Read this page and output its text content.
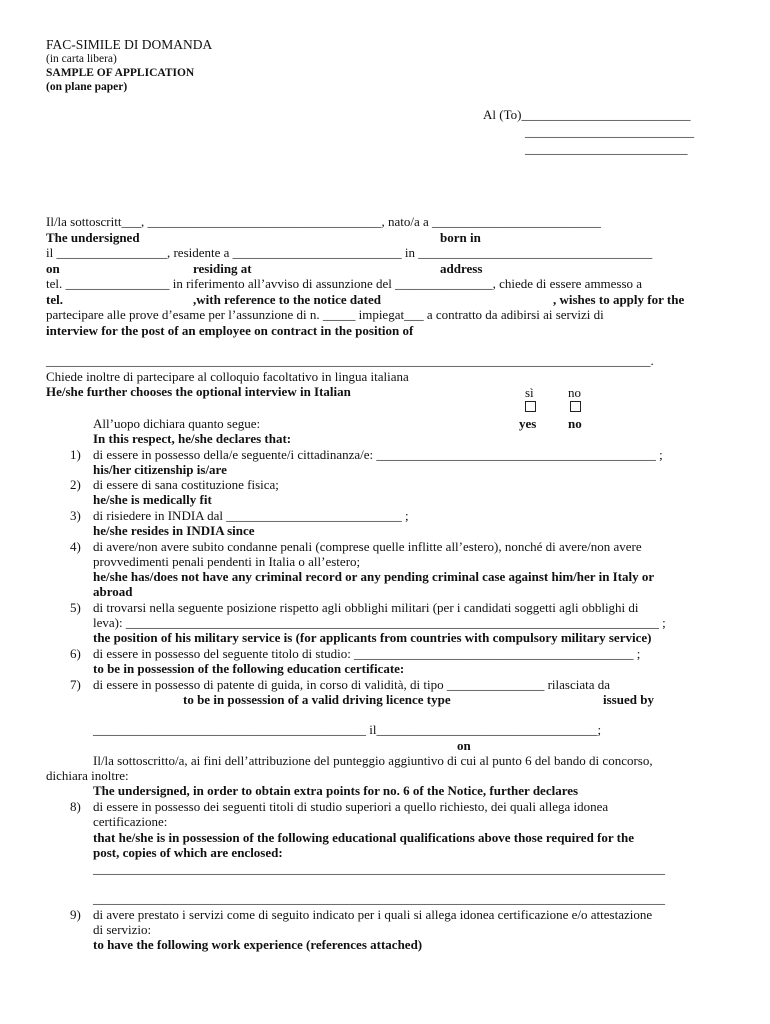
FAC-SIMILE DI DOMANDA
(in carta libera)
SAMPLE OF APPLICATION
(on plane paper)
Al (To)__________________________
__________________________
_________________________
Il/la sottoscritt___, ____________________________________, nato/a a __________________________
The undersigned	born in
il _________________, residente a __________________________ in ____________________________________
on	residing at	address
tel. ________________ in riferimento all’avviso di assunzione del _______________, chiede di essere ammesso a
tel.	,with reference to the notice dated	, wishes to apply for the
partecipare alle prove d’esame per l’assunzione di n. _____ impiegat___ a contratto da adibirsi ai servizi di
interview for the post of an employee on contract in the position of
_____________________________________________________________________________________________.
Chiede inoltre di partecipare al colloquio facoltativo in lingua italiana
He/she further chooses the optional interview in Italian	sì	no
yes no
All’uopo dichiara quanto segue:
In this respect, he/she declares that:
1) di essere in possesso della/e seguente/i cittadinanza/e: ___________________________________________ ;
his/her citizenship is/are
2) di essere di sana costituzione fisica;
he/she is medically fit
3) di risiedere in INDIA dal ___________________________ ;
he/she resides in INDIA since
4) di avere/non avere subito condanne penali (comprese quelle inflitte all’estero), nonché di avere/non avere
provvedimenti penali pendenti in Italia o all’estero;
he/she has/does not have any criminal record or any pending criminal case against him/her in Italy or
abroad
5) di trovarsi nella seguente posizione rispetto agli obblighi militari (per i candidati soggetti agli obblighi di
leva): __________________________________________________________________________________ ;
the position of his military service is (for applicants from countries with compulsory military service)
6) di essere in possesso del seguente titolo di studio: ___________________________________________ ;
to be in possession of the following education certificate:
7) di essere in possesso di patente di guida, in corso di validità, di tipo _______________ rilasciata da
to be in possession of a valid driving licence type	issued by
__________________________________________ il__________________________________;
on
Il/la sottoscritto/a, ai fini dell’attribuzione del punteggio aggiuntivo di cui al punto 6 del bando di concorso,
dichiara inoltre:
The undersigned, in order to obtain extra points for no. 6 of the Notice, further declares
8) di essere in possesso dei seguenti titoli di studio superiori a quello richiesto, dei quali allega idonea
certificazione:
that he/she is in possession of the following educational qualifications above those required for the
post, copies of which are enclosed:
________________________________________________________________________________________
________________________________________________________________________________________
9) di avere prestato i servizi come di seguito indicato per i quali si allega idonea certificazione e/o attestazione
di servizio:
to have the following work experience (references attached)
